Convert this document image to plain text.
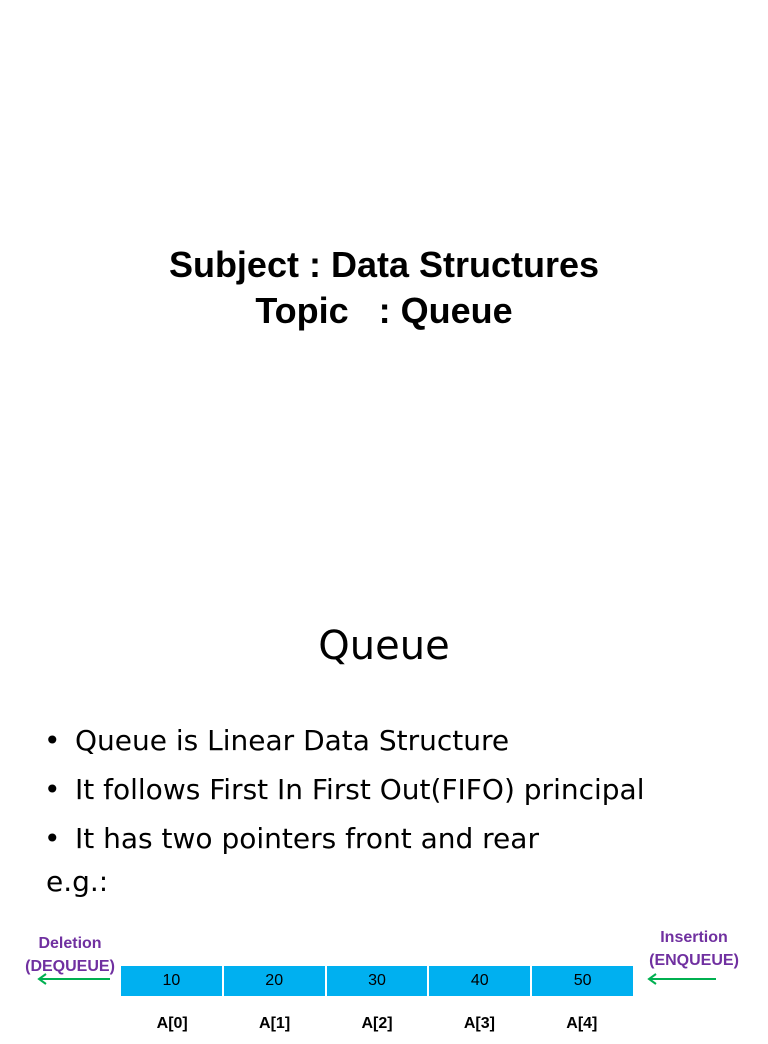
Subject : Data Structures
Topic   : Queue
Queue
• Queue is Linear Data Structure
• It follows First In First Out(FIFO) principal
• It has two pointers front and rear
e.g.:
Deletion
(DEQUEUE)
10	20	30	40	50
A[0]	A[1]	A[2]	A[3]	A[4]
Insertion
(ENQUEUE)
